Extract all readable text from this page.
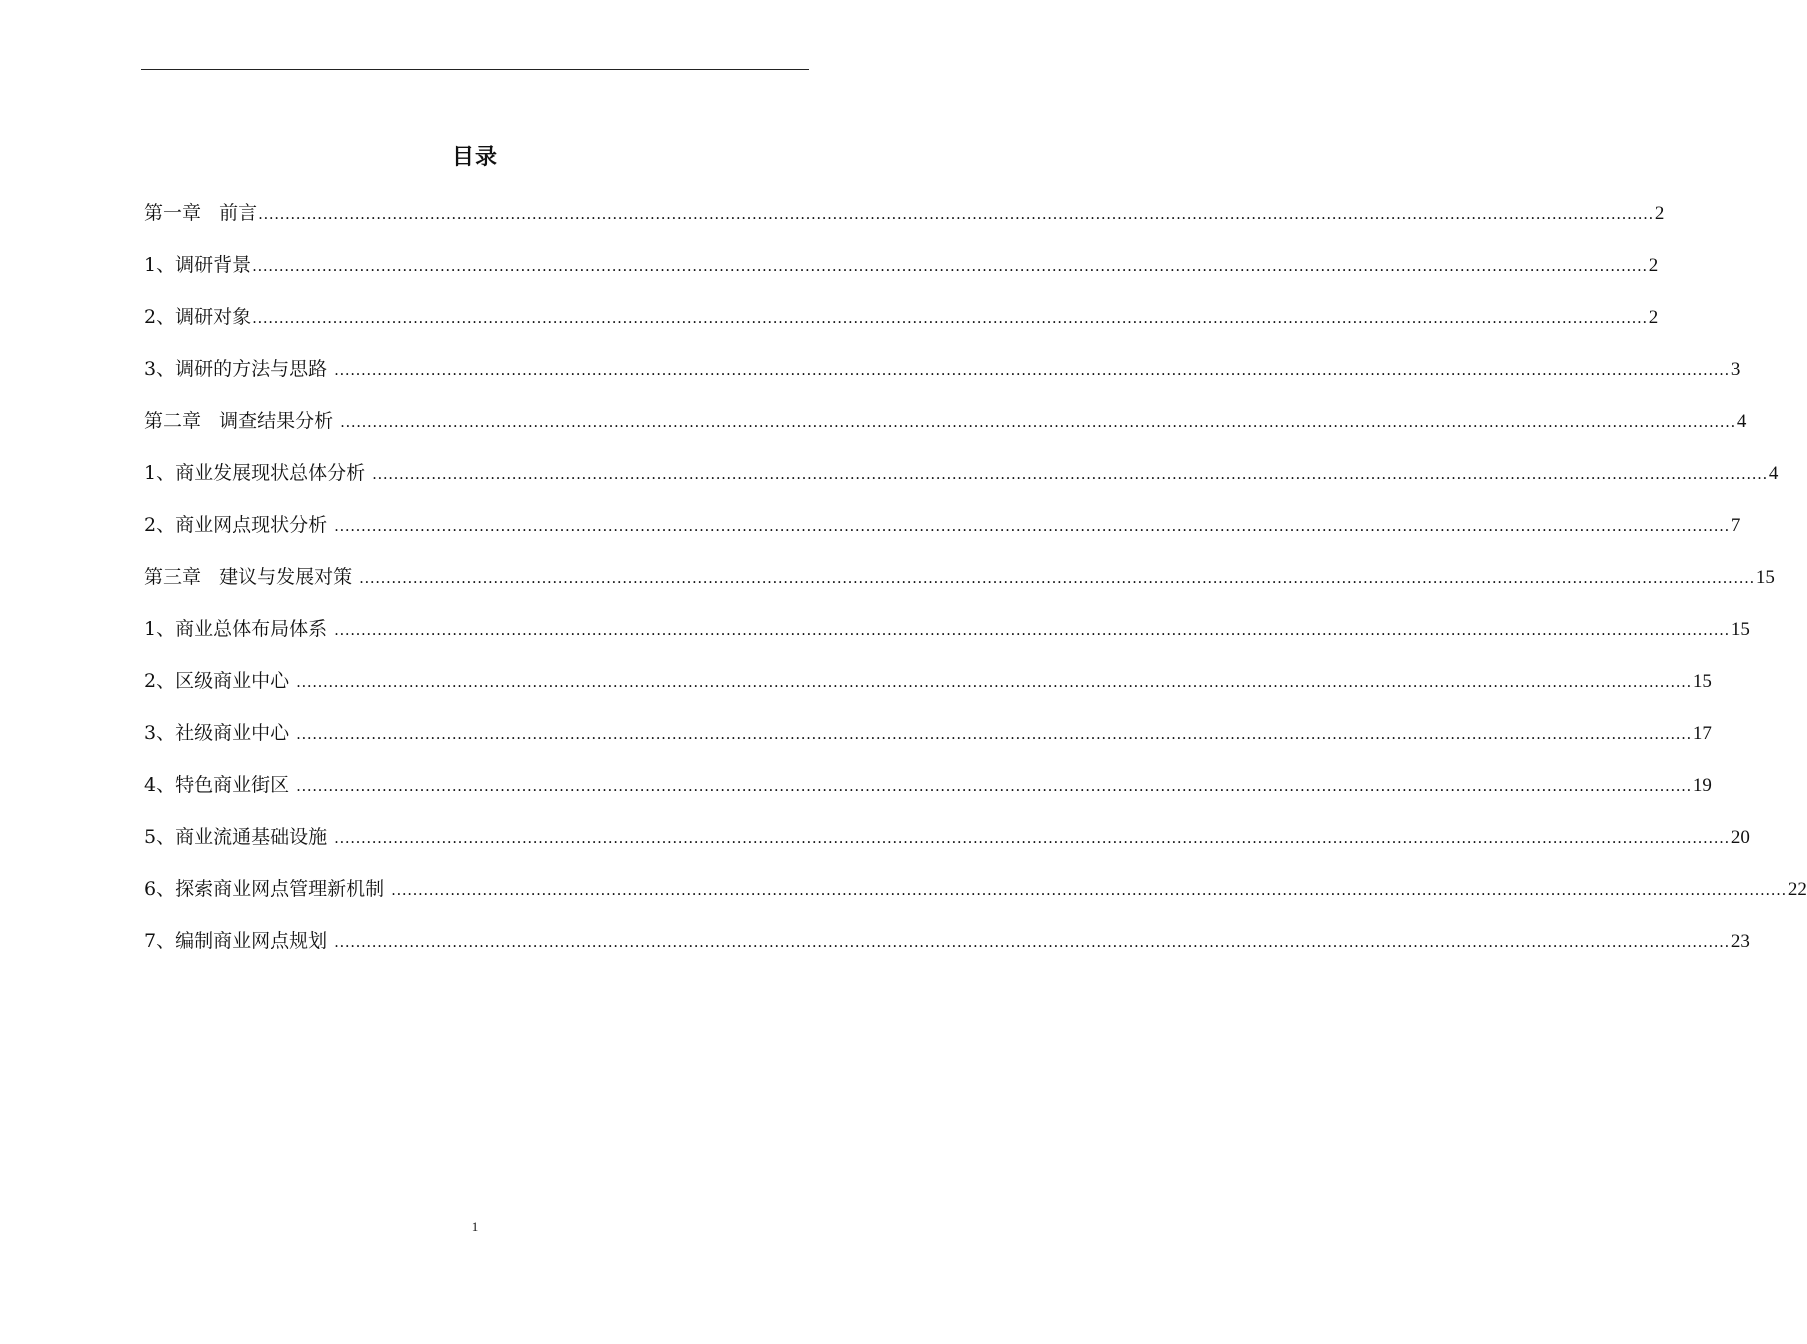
目录
第一章   前言 .................................................................................................................................................................................................................................................................... 2
1、调研背景 .................................................................................................................................................................................................................................................................... 2
2、调研对象 .................................................................................................................................................................................................................................................................... 2
3、调研的方法与思路 .................................................................................................................................................................................................................................................................... 3
第二章   调查结果分析 .................................................................................................................................................................................................................................................................... 4
1、商业发展现状总体分析 .................................................................................................................................................................................................................................................................... 4
2、商业网点现状分析 .................................................................................................................................................................................................................................................................... 7
第三章   建议与发展对策 .................................................................................................................................................................................................................................................................... 15
1、商业总体布局体系 .................................................................................................................................................................................................................................................................... 15
2、区级商业中心 .................................................................................................................................................................................................................................................................... 15
3、社级商业中心 .................................................................................................................................................................................................................................................................... 17
4、特色商业街区 .................................................................................................................................................................................................................................................................... 19
5、商业流通基础设施 .................................................................................................................................................................................................................................................................... 20
6、探索商业网点管理新机制 .................................................................................................................................................................................................................................................................... 22
7、编制商业网点规划 .................................................................................................................................................................................................................................................................... 23
1
